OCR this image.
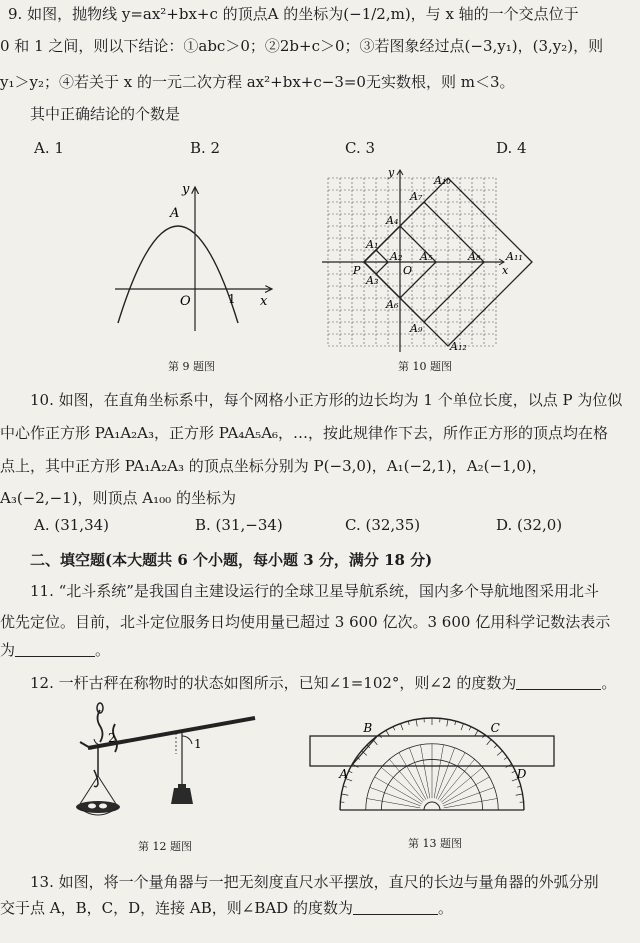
9. 如图，抛物线 y=ax²+bx+c 的顶点A 的坐标为(−1/2,m)，与 x 轴的一个交点位于
0 和 1 之间，则以下结论：①abc＞0；②2b+c＞0；③若图象经过点(−3,y₁)，(3,y₂)，则
y₁＞y₂；④若关于 x 的一元二次方程 ax²+bx+c−3=0无实数根，则 m＜3。
其中正确结论的个数是
A. 1	B. 2	C. 3	D. 4
x
y
A
O	1
第 9 题图
P	O	x
y
A₁
A₂
A₃
A₄
A₅
A₆
A₇
A₈
A₉
A₁₀
A₁₁
A₁₂
第 10 题图
10. 如图，在直角坐标系中，每个网格小正方形的边长均为 1 个单位长度，以点 P 为位似
中心作正方形 PA₁A₂A₃，正方形 PA₄A₅A₆，…，按此规律作下去，所作正方形的顶点均在格
点上，其中正方形 PA₁A₂A₃ 的顶点坐标分别为 P(−3,0)，A₁(−2,1)，A₂(−1,0)，
A₃(−2,−1)，则顶点 A₁₀₀ 的坐标为
A. (31,34)	B. (31,−34)	C. (32,35)	D. (32,0)
二、填空题(本大题共 6 个小题，每小题 3 分，满分 18 分)
11. “北斗系统”是我国自主建设运行的全球卫星导航系统，国内多个导航地图采用北斗
优先定位。目前，北斗定位服务日均使用量已超过 3 600 亿次。3 600 亿用科学记数法表示
为	。
12. 一杆古秤在称物时的状态如图所示，已知∠1=102°，则∠2 的度数为	。
1
2
第 12 题图
A
B	C
D
第 13 题图
13. 如图，将一个量角器与一把无刻度直尺水平摆放，直尺的长边与量角器的外弧分别
交于点 A，B，C，D，连接 AB，则∠BAD 的度数为	。
